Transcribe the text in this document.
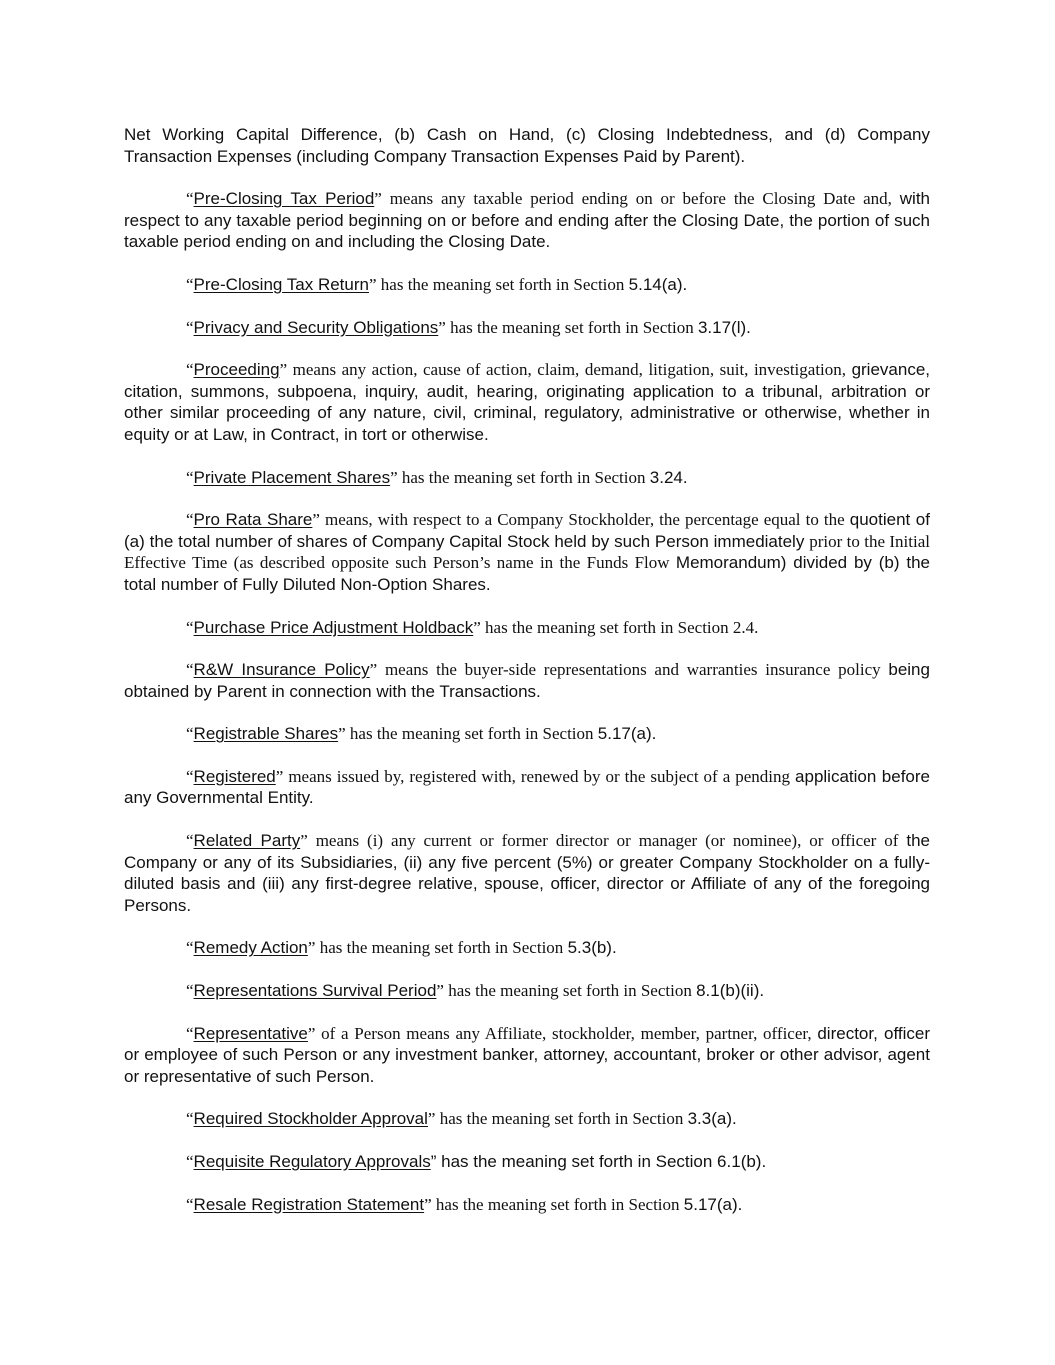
Net Working Capital Difference, (b) Cash on Hand, (c) Closing Indebtedness, and (d) Company Transaction Expenses (including Company Transaction Expenses Paid by Parent).

“Pre-Closing Tax Period” means any taxable period ending on or before the Closing Date and, with respect to any taxable period beginning on or before and ending after the Closing Date, the portion of such taxable period ending on and including the Closing Date.

“Pre-Closing Tax Return” has the meaning set forth in Section 5.14(a).

“Privacy and Security Obligations” has the meaning set forth in Section 3.17(l).

“Proceeding” means any action, cause of action, claim, demand, litigation, suit, investigation, grievance, citation, summons, subpoena, inquiry, audit, hearing, originating application to a tribunal, arbitration or other similar proceeding of any nature, civil, criminal, regulatory, administrative or otherwise, whether in equity or at Law, in Contract, in tort or otherwise.

“Private Placement Shares” has the meaning set forth in Section 3.24.

“Pro Rata Share” means, with respect to a Company Stockholder, the percentage equal to the quotient of (a) the total number of shares of Company Capital Stock held by such Person immediately prior to the Initial Effective Time (as described opposite such Person’s name in the Funds Flow Memorandum) divided by (b) the total number of Fully Diluted Non-Option Shares.

“Purchase Price Adjustment Holdback” has the meaning set forth in Section 2.4.

“R&W Insurance Policy” means the buyer-side representations and warranties insurance policy being obtained by Parent in connection with the Transactions.

“Registrable Shares” has the meaning set forth in Section 5.17(a).

“Registered” means issued by, registered with, renewed by or the subject of a pending application before any Governmental Entity.

“Related Party” means (i) any current or former director or manager (or nominee), or officer of the Company or any of its Subsidiaries, (ii) any five percent (5%) or greater Company Stockholder on a fully-diluted basis and (iii) any first-degree relative, spouse, officer, director or Affiliate of any of the foregoing Persons.

“Remedy Action” has the meaning set forth in Section 5.3(b).

“Representations Survival Period” has the meaning set forth in Section 8.1(b)(ii).

“Representative” of a Person means any Affiliate, stockholder, member, partner, officer, director, officer or employee of such Person or any investment banker, attorney, accountant, broker or other advisor, agent or representative of such Person.

“Required Stockholder Approval” has the meaning set forth in Section 3.3(a).

“Requisite Regulatory Approvals” has the meaning set forth in Section 6.1(b).

“Resale Registration Statement” has the meaning set forth in Section 5.17(a).
